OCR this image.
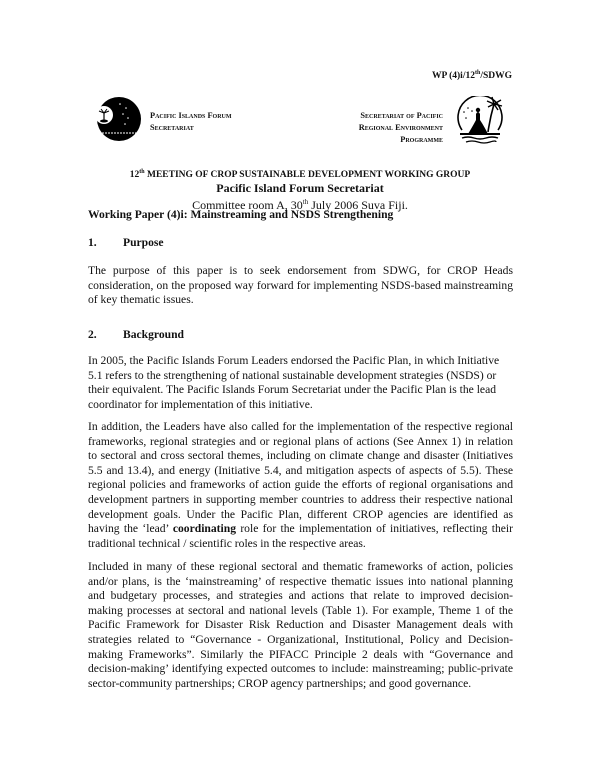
WP (4)i/12th/SDWG
Pacific Islands Forum
Secretariat
Secretariat of Pacific
Regional Environment
Programme
12th MEETING OF CROP SUSTAINABLE DEVELOPMENT WORKING GROUP
Pacific Island Forum Secretariat
Committee room A, 30th July 2006 Suva Fiji.
Working Paper (4)i: Mainstreaming and NSDS Strengthening
1. Purpose
The purpose of this paper is to seek endorsement from SDWG, for CROP Heads consideration, on the proposed way forward for implementing NSDS-based mainstreaming of key thematic issues.
2. Background
In 2005, the Pacific Islands Forum Leaders endorsed the Pacific Plan, in which Initiative 5.1 refers to the strengthening of national sustainable development strategies (NSDS) or their equivalent. The Pacific Islands Forum Secretariat under the Pacific Plan is the lead coordinator for implementation of this initiative.
In addition, the Leaders have also called for the implementation of the respective regional frameworks, regional strategies and or regional plans of actions (See Annex 1) in relation to sectoral and cross sectoral themes, including on climate change and disaster (Initiatives 5.5 and 13.4), and energy (Initiative 5.4, and mitigation aspects of aspects of 5.5). These regional policies and frameworks of action guide the efforts of regional organisations and development partners in supporting member countries to address their respective national development goals. Under the Pacific Plan, different CROP agencies are identified as having the ‘lead’ coordinating role for the implementation of initiatives, reflecting their traditional technical / scientific roles in the respective areas.
Included in many of these regional sectoral and thematic frameworks of action, policies and/or plans, is the ‘mainstreaming’ of respective thematic issues into national planning and budgetary processes, and strategies and actions that relate to improved decision-making processes at sectoral and national levels (Table 1). For example, Theme 1 of the Pacific Framework for Disaster Risk Reduction and Disaster Management deals with strategies related to “Governance - Organizational, Institutional, Policy and Decision-making Frameworks”. Similarly the PIFACC Principle 2 deals with “Governance and decision-making’ identifying expected outcomes to include: mainstreaming; public-private sector-community partnerships; CROP agency partnerships; and good governance.
